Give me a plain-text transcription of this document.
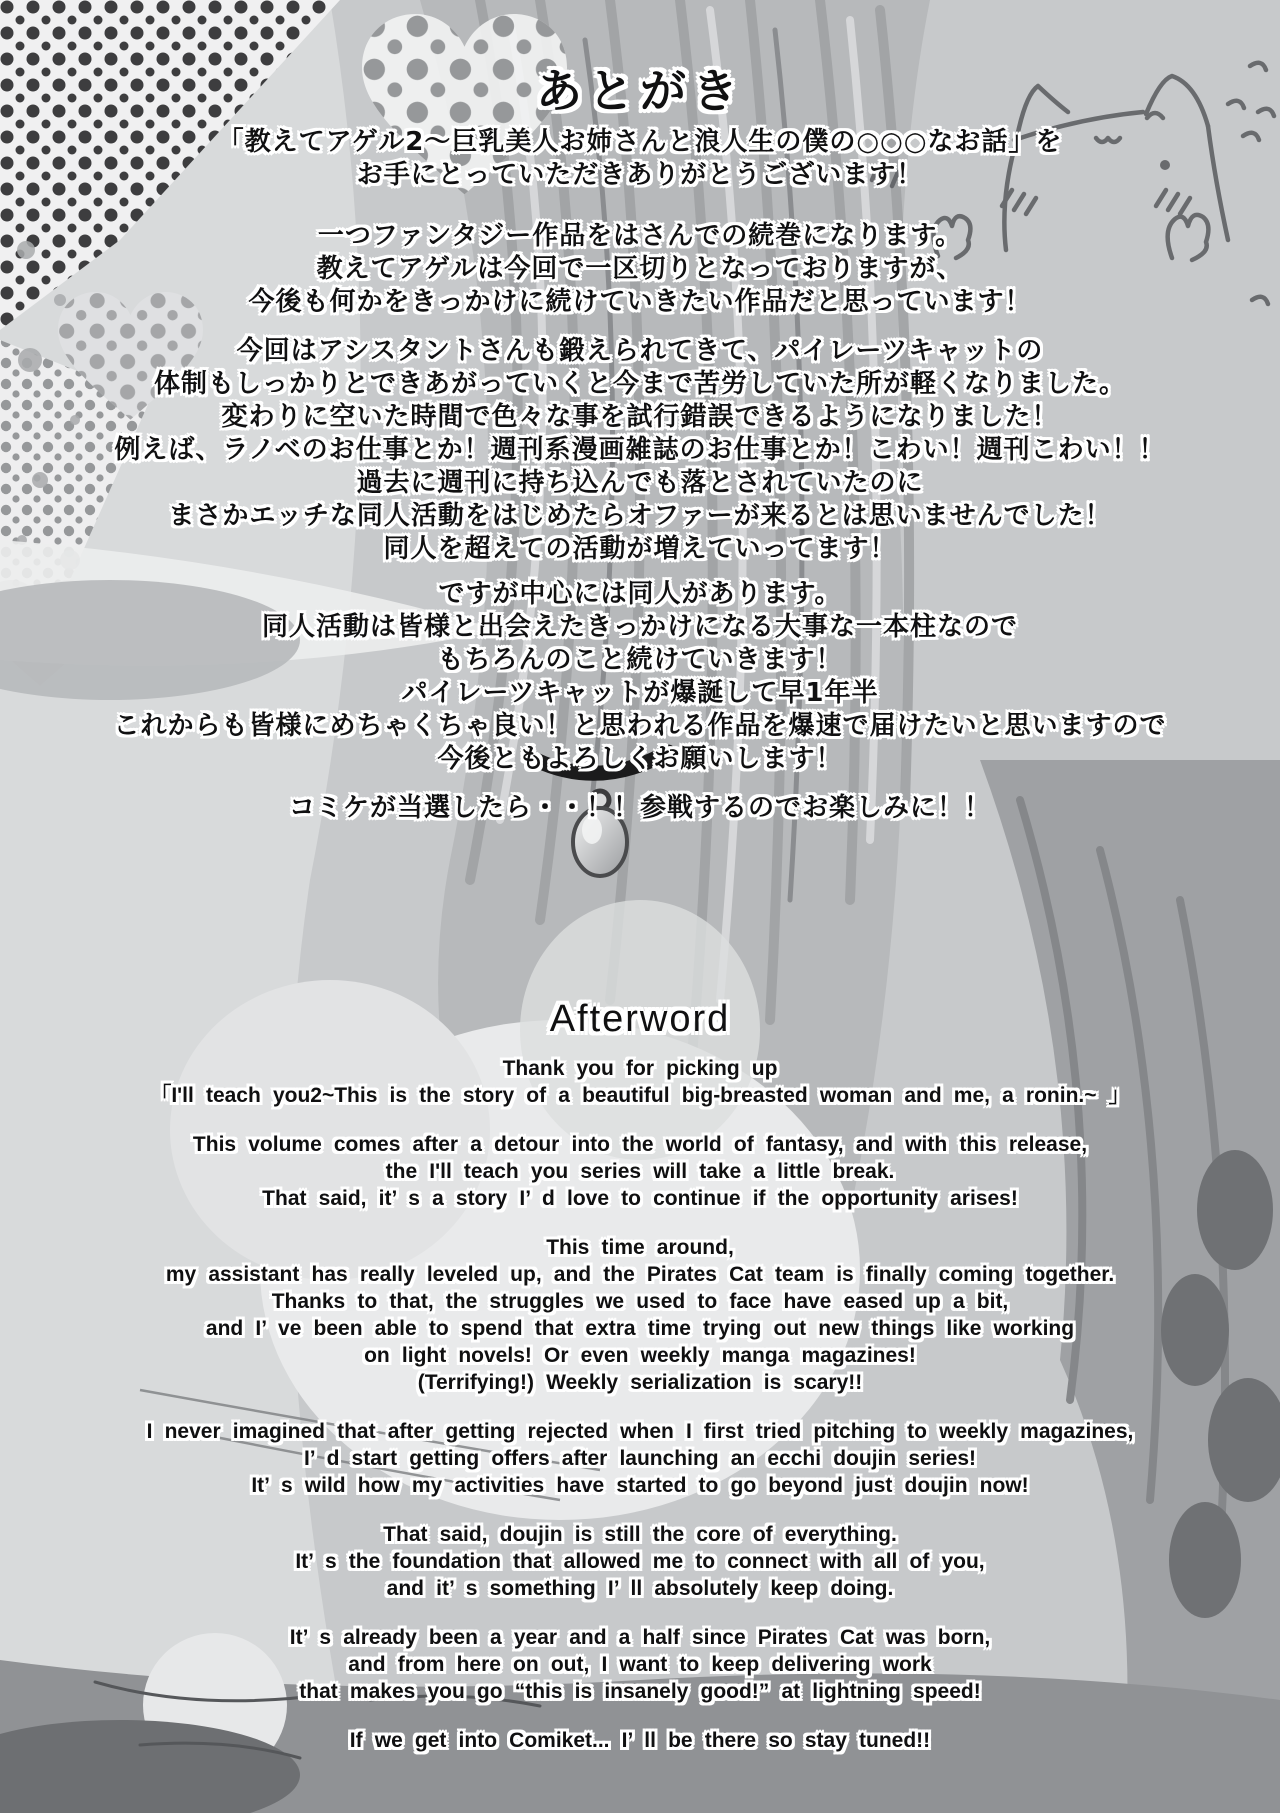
あとがき
「教えてアゲル2～巨乳美人お姉さんと浪人生の僕の○○○なお話」を
お手にとっていただきありがとうございます！
一つファンタジー作品をはさんでの続巻になります。
教えてアゲルは今回で一区切りとなっておりますが、
今後も何かをきっかけに続けていきたい作品だと思っています！
今回はアシスタントさんも鍛えられてきて、パイレーツキャットの
体制もしっかりとできあがっていくと今まで苦労していた所が軽くなりました。
変わりに空いた時間で色々な事を試行錯誤できるようになりました！
例えば、ラノベのお仕事とか！週刊系漫画雑誌のお仕事とか！こわい！週刊こわい！！
過去に週刊に持ち込んでも落とされていたのに
まさかエッチな同人活動をはじめたらオファーが来るとは思いませんでした！
同人を超えての活動が増えていってます！
ですが中心には同人があります。
同人活動は皆様と出会えたきっかけになる大事な一本柱なので
もちろんのこと続けていきます！
パイレーツキャットが爆誕して早1年半
これからも皆様にめちゃくちゃ良い！と思われる作品を爆速で届けたいと思いますので
今後ともよろしくお願いします！
コミケが当選したら・・！！参戦するのでお楽しみに！！
Afterword
Thank you for picking up
「I'll teach you2~This is the story of a beautiful big-breasted woman and me, a ronin.~ 」
This volume comes after a detour into the world of fantasy, and with this release,
the I'll teach you series will take a little break.
That said, it’ s a story I’ d love to continue if the opportunity arises!
This time around,
my assistant has really leveled up, and the Pirates Cat team is finally coming together.
Thanks to that, the struggles we used to face have eased up a bit,
and I’ ve been able to spend that extra time trying out new things like working
on light novels! Or even weekly manga magazines!
(Terrifying!) Weekly serialization is scary!!
I never imagined that after getting rejected when I first tried pitching to weekly magazines,
I’ d start getting offers after launching an ecchi doujin series!
It’ s wild how my activities have started to go beyond just doujin now!
That said, doujin is still the core of everything.
It’ s the foundation that allowed me to connect with all of you,
and it’ s something I’ ll absolutely keep doing.
It’ s already been a year and a half since Pirates Cat was born,
and from here on out, I want to keep delivering work
that makes you go “this is insanely good!” at lightning speed!
If we get into Comiket... I’ ll be there so stay tuned!!
